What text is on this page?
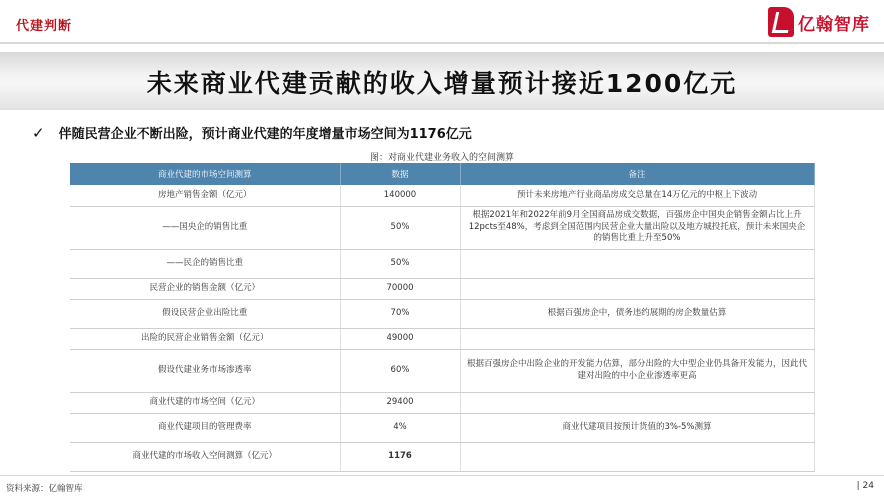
代建判断	亿翰智库
未来商业代建贡献的收入增量预计接近1200亿元
✓ 伴随民营企业不断出险，预计商业代建的年度增量市场空间为1176亿元
图：对商业代建业务收入的空间测算
商业代建的市场空间测算	数据	备注
房地产销售金额（亿元）	140000	预计未来房地产行业商品房成交总量在14万亿元的中枢上下波动
——国央企的销售比重	50%	根据2021年和2022年前9月全国商品房成交数据，百强房企中国央企销售金额占比上升12pcts至48%，考虑到全国范围内民营企业大量出险以及地方城投托底，预计未来国央企的销售比重上升至50%
——民企的销售比重	50%	
民营企业的销售金额（亿元）	70000	
假设民营企业出险比重	70%	根据百强房企中，债务违约展期的房企数量估算
出险的民营企业销售金额（亿元）	49000	
假设代建业务市场渗透率	60%	根据百强房企中出险企业的开发能力估算，部分出险的大中型企业仍具备开发能力，因此代建对出险的中小企业渗透率更高
商业代建的市场空间（亿元）	29400	
商业代建项目的管理费率	4%	商业代建项目按预计货值的3%-5%测算
商业代建的市场收入空间测算（亿元）	1176	
资料来源：亿翰智库	| 24
